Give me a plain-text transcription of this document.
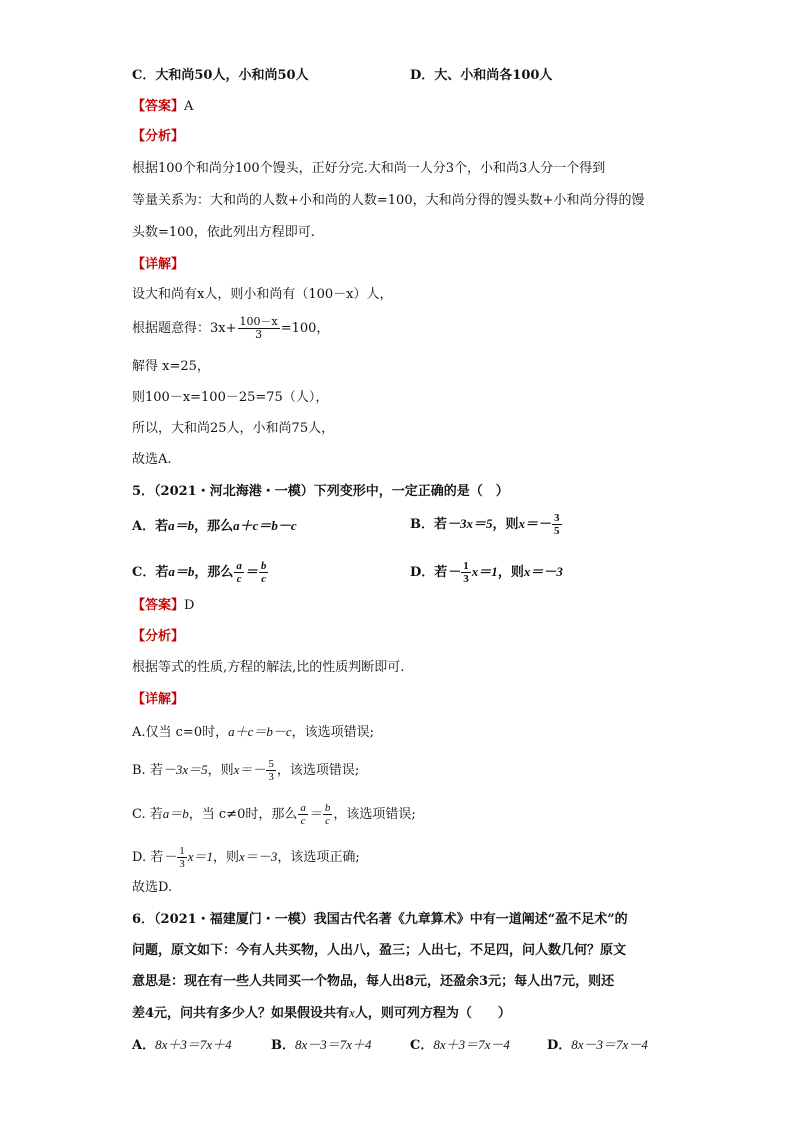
C．大和尚50人，小和尚50人	D．大、小和尚各100人
【答案】A
【分析】
根据100个和尚分100个馒头，正好分完.大和尚一人分3个，小和尚3人分一个得到
等量关系为：大和尚的人数+小和尚的人数=100，大和尚分得的馒头数+小和尚分得的馒
头数=100，依此列出方程即可.
【详解】
设大和尚有x人，则小和尚有（100－x）人，
根据题意得：$3x+ \frac{100-x}{3} =100$，
解得 x=25，
则100－x=100－25=75（人），
所以，大和尚25人，小和尚75人，
故选A.
5．（2021・河北海港・一模）下列变形中，一定正确的是（　）
A．若a＝b，那么a＋c＝b－c	B．若－3x＝5，则$x=- \frac{3}{5}$
C．若a＝b，那么 $\frac{a}{c} = \frac{b}{c}$	D．若－ $\frac{1}{3} x=1$，则x＝－3
【答案】D
【分析】
根据等式的性质,方程的解法,比的性质判断即可.
【详解】
A.仅当 c=0时，a＋c＝b－c，该选项错误;
B. 若－3x＝5，则$x=- \frac{5}{3}$ ，该选项错误;
C. 若a＝b，当 c≠0时，那么 $\frac{a}{c} = \frac{b}{c}$ ，该选项错误;
D. 若－ $\frac{1}{3} x=1$，则x＝－3，该选项正确;
故选D.
6．（2021・福建厦门・一模）我国古代名著《九章算术》中有一道阐述“盈不足术”的
问题，原文如下：今有人共买物，人出八，盈三；人出七，不足四，问人数几何？原文
意思是：现在有一些人共同买一个物品，每人出8元，还盈余3元；每人出7元，则还
差4元，问共有多少人？如果假设共有x人，则可列方程为（　　）
A．8x＋3＝7x＋4	B．8x－3＝7x＋4	C．8x＋3＝7x－4	D．8x－3＝7x－4
